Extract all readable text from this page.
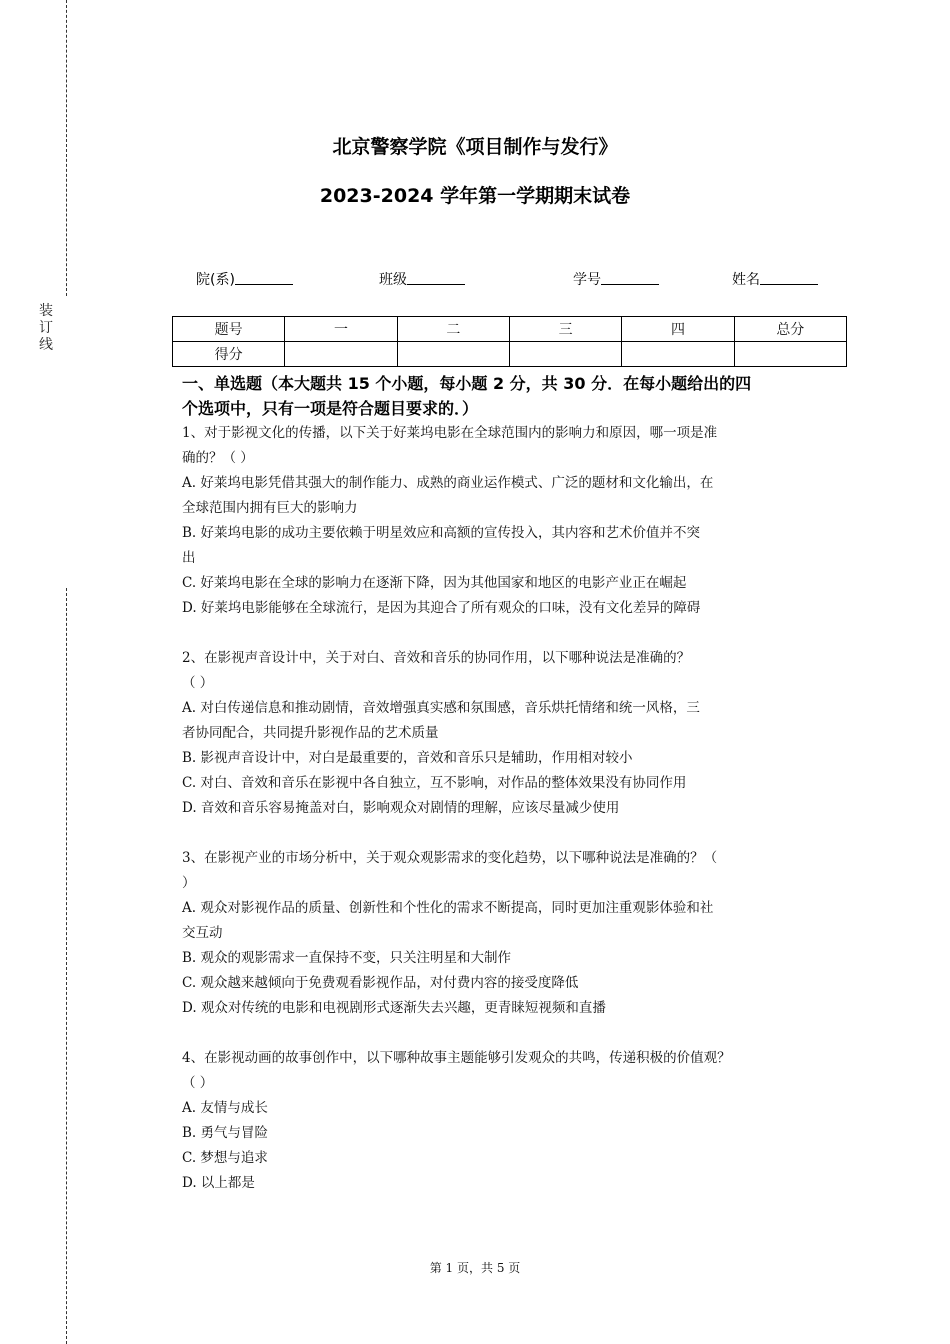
装
订
线
北京警察学院《项目制作与发行》
2023-2024 学年第一学期期末试卷
院(系)	班级	学号	姓名
题号	一	二	三	四	总分
得分					

一、单选题（本大题共 15 个小题，每小题 2 分，共 30 分．在每小题给出的四
个选项中，只有一项是符合题目要求的．）

1、对于影视文化的传播，以下关于好莱坞电影在全球范围内的影响力和原因，哪一项是准
确的？（ ）

A. 好莱坞电影凭借其强大的制作能力、成熟的商业运作模式、广泛的题材和文化输出，在
全球范围内拥有巨大的影响力

B. 好莱坞电影的成功主要依赖于明星效应和高额的宣传投入，其内容和艺术价值并不突
出

C. 好莱坞电影在全球的影响力在逐渐下降，因为其他国家和地区的电影产业正在崛起

D. 好莱坞电影能够在全球流行，是因为其迎合了所有观众的口味，没有文化差异的障碍

2、在影视声音设计中，关于对白、音效和音乐的协同作用，以下哪种说法是准确的？
（ ）

A. 对白传递信息和推动剧情，音效增强真实感和氛围感，音乐烘托情绪和统一风格，三
者协同配合，共同提升影视作品的艺术质量

B. 影视声音设计中，对白是最重要的，音效和音乐只是辅助，作用相对较小

C. 对白、音效和音乐在影视中各自独立，互不影响，对作品的整体效果没有协同作用

D. 音效和音乐容易掩盖对白，影响观众对剧情的理解，应该尽量减少使用

3、在影视产业的市场分析中，关于观众观影需求的变化趋势，以下哪种说法是准确的？（
）

A. 观众对影视作品的质量、创新性和个性化的需求不断提高，同时更加注重观影体验和社
交互动

B. 观众的观影需求一直保持不变，只关注明星和大制作

C. 观众越来越倾向于免费观看影视作品，对付费内容的接受度降低

D. 观众对传统的电影和电视剧形式逐渐失去兴趣，更青睐短视频和直播

4、在影视动画的故事创作中，以下哪种故事主题能够引发观众的共鸣，传递积极的价值观？
（ ）

A. 友情与成长

B. 勇气与冒险

C. 梦想与追求

D. 以上都是

第 1 页，共 5 页
